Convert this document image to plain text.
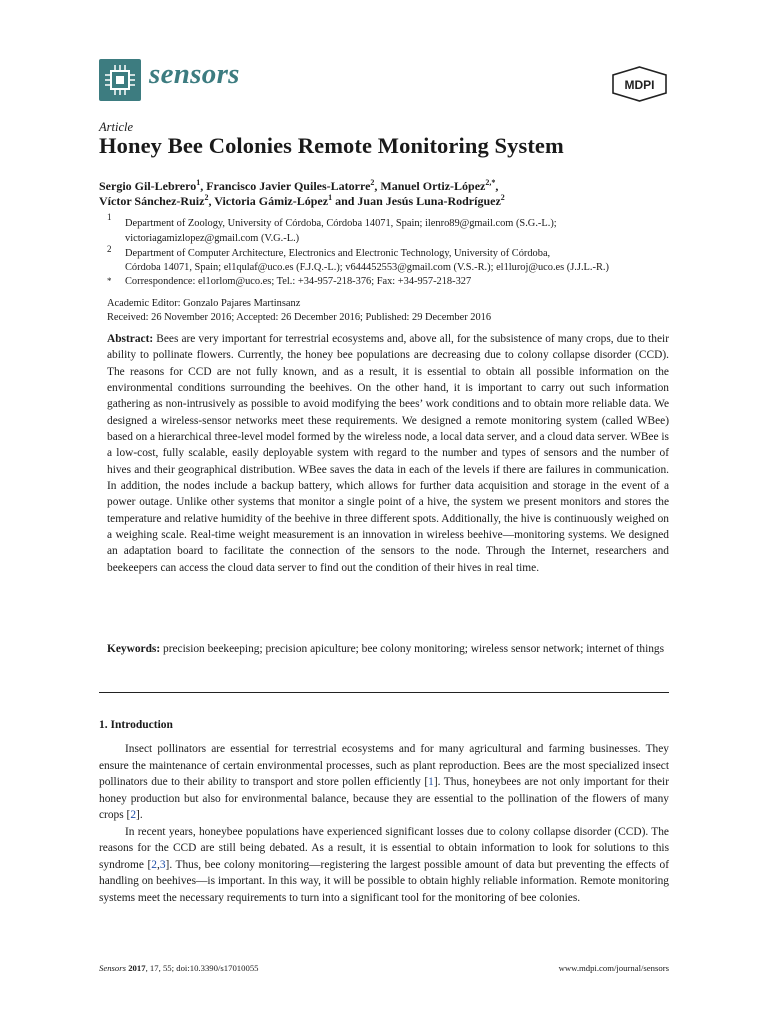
sensors	MDPI
Article
Honey Bee Colonies Remote Monitoring System
Sergio Gil-Lebrero$^1$, Francisco Javier Quiles-Latorre$^2$, Manuel Ortiz-López$^{2,*}$,
Víctor Sánchez-Ruiz$^2$, Victoria Gámiz-López$^1$ and Juan Jesús Luna-Rodríguez$^2$
1
Department of Zoology, University of Córdoba, Córdoba 14071, Spain; ilenro89@gmail.com (S.G.-L.);
victoriagamizlopez@gmail.com (V.G.-L.)
2 Department of Computer Architecture, Electronics and Electronic Technology, University of Córdoba,
Córdoba 14071, Spain; el1qulaf@uco.es (F.J.Q.-L.); v644452553@gmail.com (V.S.-R.); el1luroj@uco.es (J.J.L.-R.)
* Correspondence: el1orlom@uco.es; Tel.: +34-957-218-376; Fax: +34-957-218-327
Academic Editor: Gonzalo Pajares Martinsanz
Received: 26 November 2016; Accepted: 26 December 2016; Published: 29 December 2016
Abstract: Bees are very important for terrestrial ecosystems and, above all, for the subsistence of many crops, due to their ability to pollinate flowers. Currently, the honey bee populations are decreasing due to colony collapse disorder (CCD). The reasons for CCD are not fully known, and as a result, it is essential to obtain all possible information on the environmental conditions surrounding the beehives. On the other hand, it is important to carry out such information gathering as non-intrusively as possible to avoid modifying the bees’ work conditions and to obtain more reliable data. We designed a wireless-sensor networks meet these requirements. We designed a remote monitoring system (called WBee) based on a hierarchical three-level model formed by the wireless node, a local data server, and a cloud data server. WBee is a low-cost, fully scalable, easily deployable system with regard to the number and types of sensors and the number of hives and their geographical distribution. WBee saves the data in each of the levels if there are failures in communication. In addition, the nodes include a backup battery, which allows for further data acquisition and storage in the event of a power outage. Unlike other systems that monitor a single point of a hive, the system we present monitors and stores the temperature and relative humidity of the beehive in three different spots. Additionally, the hive is continuously weighed on a weighing scale. Real-time weight measurement is an innovation in wireless beehive—monitoring systems. We designed an adaptation board to facilitate the connection of the sensors to the node. Through the Internet, researchers and beekeepers can access the cloud data server to find out the condition of their hives in real time.
Keywords: precision beekeeping; precision apiculture; bee colony monitoring; wireless sensor network; internet of things
1. Introduction

Insect pollinators are essential for terrestrial ecosystems and for many agricultural and farming businesses. They ensure the maintenance of certain environmental processes, such as plant reproduction. Bees are the most specialized insect pollinators due to their ability to transport and store pollen efficiently [1]. Thus, honeybees are not only important for their honey production but also for environmental balance, because they are essential to the pollination of the flowers of many crops [2].

In recent years, honeybee populations have experienced significant losses due to colony collapse disorder (CCD). The reasons for the CCD are still being debated. As a result, it is essential to obtain information to look for solutions to this syndrome [2,3]. Thus, bee colony monitoring—registering the largest possible amount of data but preventing the effects of handling on beehives—is important. In this way, it will be possible to obtain highly reliable information. Remote monitoring systems meet the necessary requirements to turn into a significant tool for the monitoring of bee colonies.

Sensors 2017, 17, 55; doi:10.3390/s17010055	www.mdpi.com/journal/sensors
